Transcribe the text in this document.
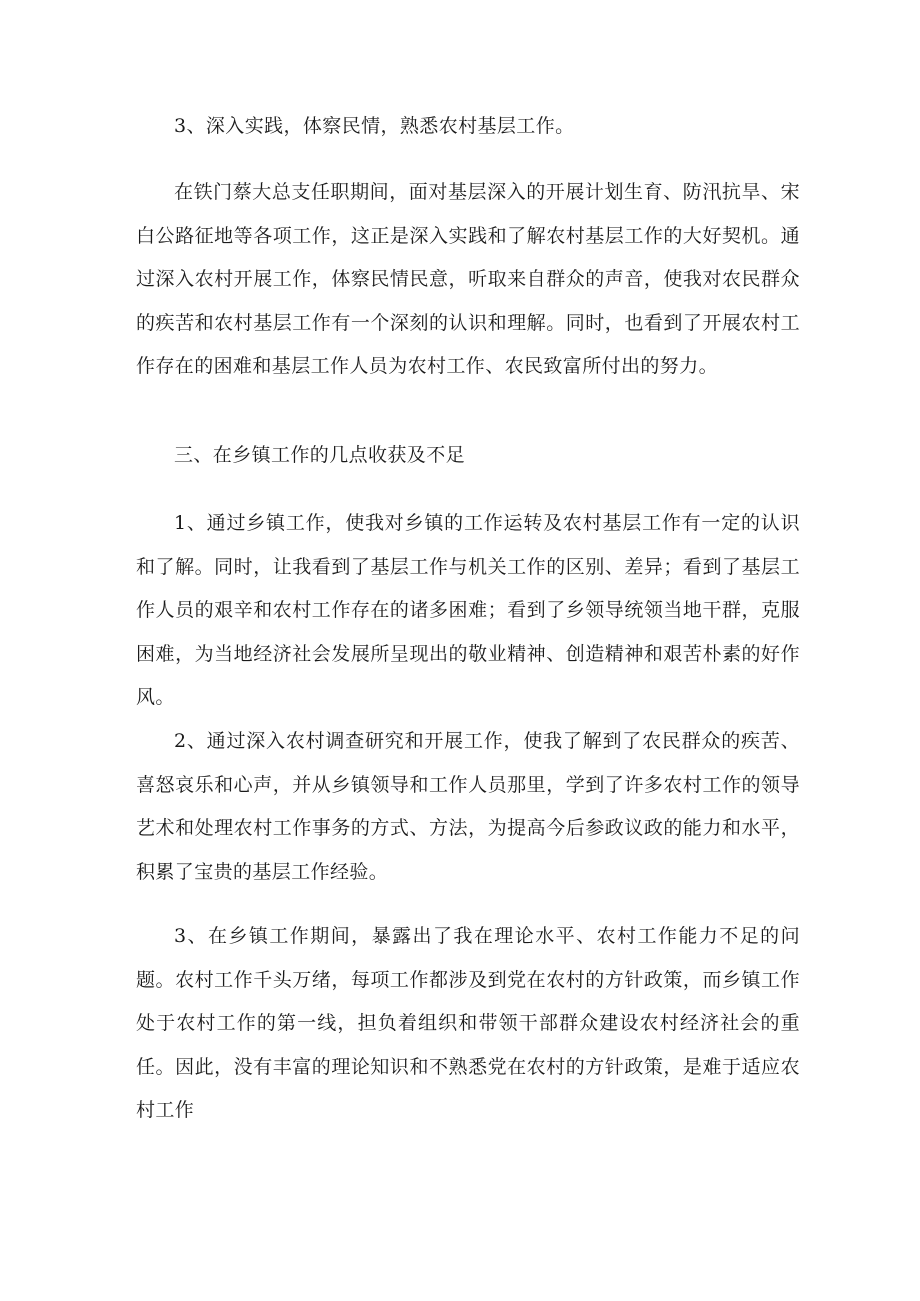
3、深入实践，体察民情，熟悉农村基层工作。

在铁门蔡大总支任职期间，面对基层深入的开展计划生育、防汛抗旱、宋白公路征地等各项工作，这正是深入实践和了解农村基层工作的大好契机。通过深入农村开展工作，体察民情民意，听取来自群众的声音，使我对农民群众的疾苦和农村基层工作有一个深刻的认识和理解。同时，也看到了开展农村工作存在的困难和基层工作人员为农村工作、农民致富所付出的努力。

三、在乡镇工作的几点收获及不足

1、通过乡镇工作，使我对乡镇的工作运转及农村基层工作有一定的认识和了解。同时，让我看到了基层工作与机关工作的区别、差异；看到了基层工作人员的艰辛和农村工作存在的诸多困难；看到了乡领导统领当地干群，克服困难，为当地经济社会发展所呈现出的敬业精神、创造精神和艰苦朴素的好作风。

2、通过深入农村调查研究和开展工作，使我了解到了农民群众的疾苦、喜怒哀乐和心声，并从乡镇领导和工作人员那里，学到了许多农村工作的领导艺术和处理农村工作事务的方式、方法，为提高今后参政议政的能力和水平，积累了宝贵的基层工作经验。

3、在乡镇工作期间，暴露出了我在理论水平、农村工作能力不足的问题。农村工作千头万绪，每项工作都涉及到党在农村的方针政策，而乡镇工作处于农村工作的第一线，担负着组织和带领干部群众建设农村经济社会的重任。因此，没有丰富的理论知识和不熟悉党在农村的方针政策，是难于适应农村工作
